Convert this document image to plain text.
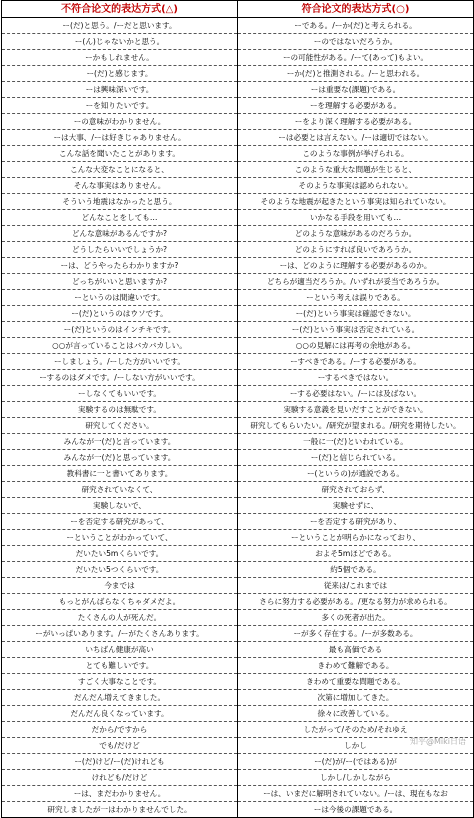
不符合论文的表达方式(△)	符合论文的表达方式(○)
ー(だ)と思う。/ーだと思います。	ーである。/ーか(だ)と考えられる。
ー(ん)じゃないかと思う。	ーのではないだろうか。
ーかもしれません。	ーの可能性がある。/ーて(あって)もよい。
ー(だ)と感じます。	ーか(だ)と推測される。/ーと思われる。
ーは興味深いです。	ーは重要な(課題)である。
ーを知りたいです。	ーを理解する必要がある。
ーの意味がわかりません。	ーをより深く理解する必要がある。
ーは大事、/ーは好きじゃありません。	ーは必要とは言えない。/ーは適切ではない。
こんな話を聞いたことがあります。	このような事例が挙げられる。
こんな大変なことになると、	このような重大な問題が生じると、
そんな事実はありません。	そのような事実は認められない。
そういう地震はなかったと思う。	そのような地震が起きたという事実は知られていない。
どんなことをしても…	いかなる手段を用いても…
どんな意味があるんですか?	どのような意味があるのだろうか。
どうしたらいいでしょうか?	どのようにすれば良いであろうか。
ーは、どうやったらわかりますか?	ーは、どのように理解する必要があるのか。
どっちがいいと思いますか?	どちらが適当だろうか。/いずれが妥当であろうか。
ーというのは間違いです。	ーという考えは誤りである。
ー(だ)というのはウソです。	ー(だ)という事実は確認できない。
ー(だ)というのはインチキです。	ー(だ)という事実は否定されている。
○○が言っていることはバカバカしい。	○○の見解には再考の余地がある。
ーしましょう。/ーした方がいいです。	ーすべきである。/ーする必要がある。
ーするのはダメです。/ーしない方がいいです。	ーするべきではない。
ーしなくてもいいです。	ーする必要はない。/ーには及ばない。
実験するのは無駄です。	実験する意義を見いだすことができない。
研究してください。	研究してもらいたい。/研究が望まれる。/研究を期待したい。
みんなが一(だ)と言っています。	一般に一(だ)といわれている。
みんなが一(だ)と思っています。	ー(だ)と信じられている。
教科書に一と書いてあります。	ー(というの)が通説である。
研究されていなくて、	研究されておらず、
実験しないで、	実験せずに、
ーを否定する研究があって、	ーを否定する研究があり、
ーということがわかっていて、	ーということが明らかになっており、
だいたい5mくらいです。	およそ5mほどである。
だいたい5つくらいです。	約5個である。
今までは	従来は/これまでは
もっとがんばらなくちゃダメだよ。	さらに努力する必要がある。/更なる努力が求められる。
たくさんの人が死んだ。	多くの死者が出た。
ーがいっぱいあります。/ーがたくさんあります。	ーが多く存在する。/ーが多数ある。
いちばん健康が高い	最も高価である
とても難しいです。	きわめて難解である。
すごく大事なことです。	きわめて重要な問題である。
だんだん増えてきました。	次第に増加してきた。
だんだん良くなっています。	徐々に改善している。
だから/ですから	したがって/そのため/それゆえ
でも/だけど	しかし
ー(だ)けど/ー(だ)けれども	ー(だ)が/ー(ではある)が
けれども/だけど	しかし/しかしながら
ーは、まだわかりません。	ーは、いまだに解明されていない。/ーは、現在もなお
研究しましたが一はわかりませんでした。	ーは今後の課題である。
知乎@Miki日语
